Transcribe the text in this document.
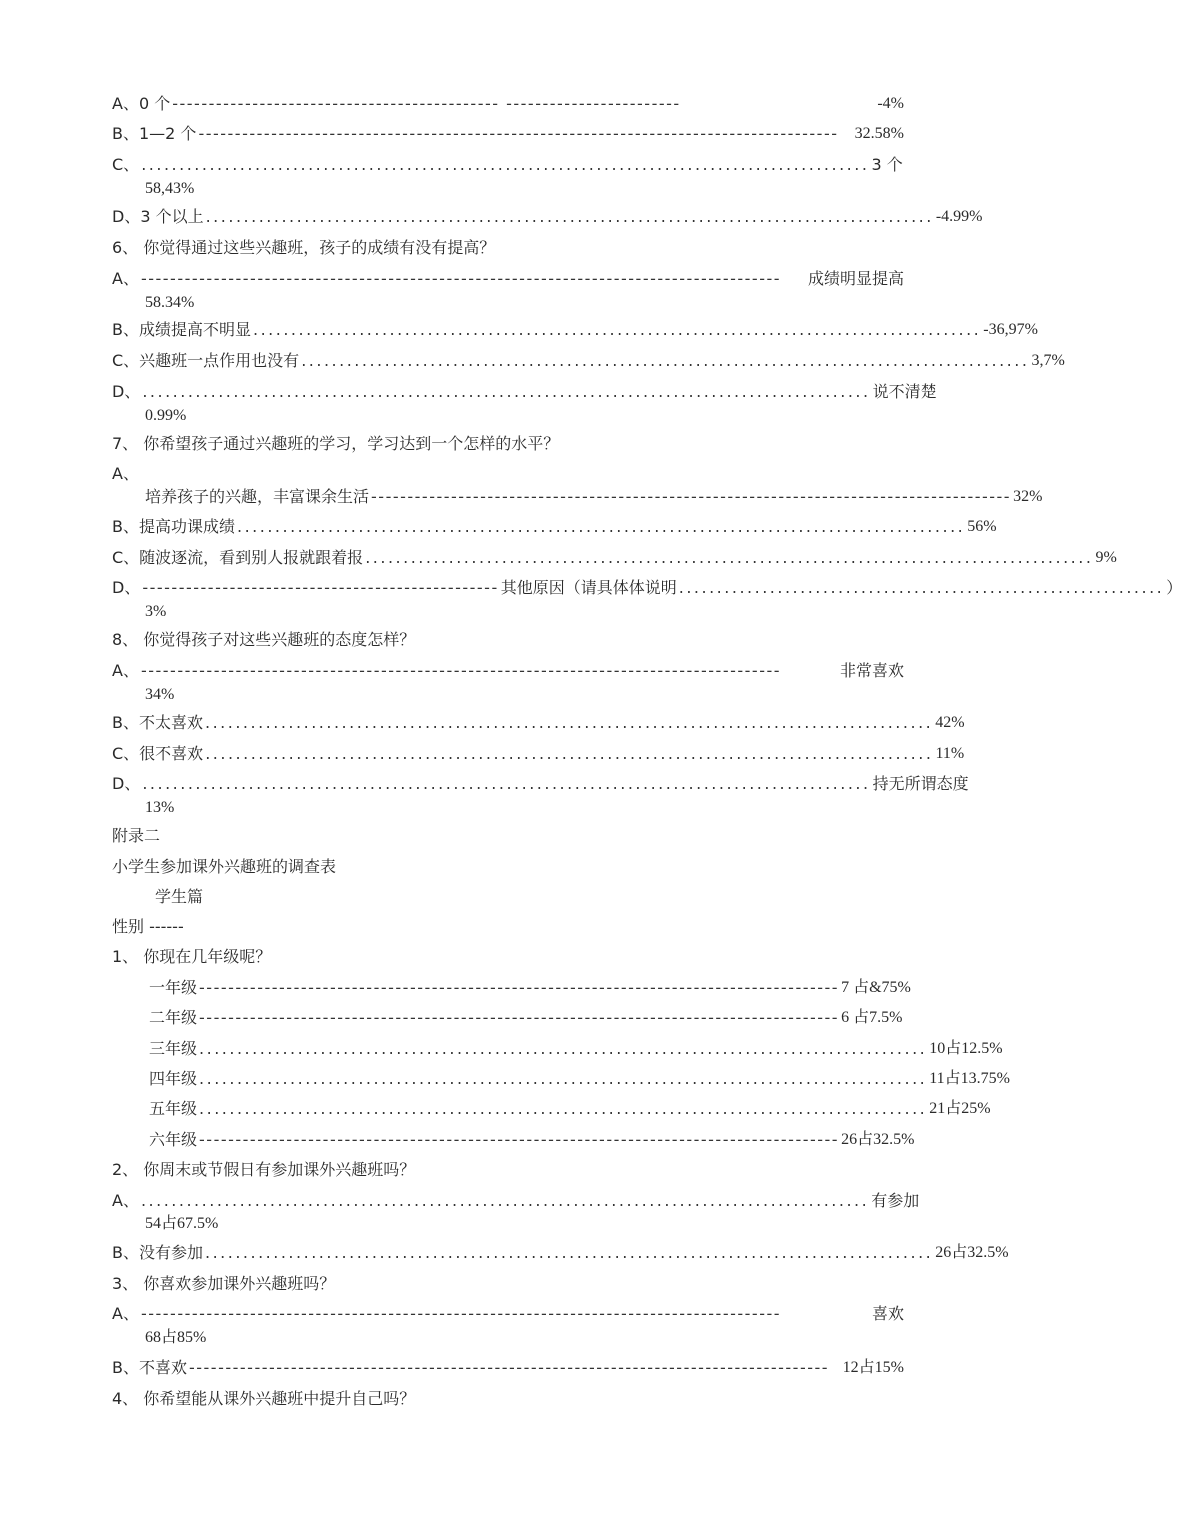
A、0 个 --------------------------------------------- ------------------------	-4%
B、1—2 个 ----------------------------------------------------------------------------------------	32.58%
C、 ................................................................................................ 3 个
58,43%
D、3 个以上 ................................................................................................ -4.99%
6、 你觉得通过这些兴趣班，孩子的成绩有没有提高？
A、 ----------------------------------------------------------------------------------------	成绩明显提高
58.34%
B、成绩提高不明显 ................................................................................................ -36,97%
C、兴趣班一点作用也没有 ................................................................................................ 3,7%
D、 ................................................................................................ 说不清楚
0.99%
7、 你希望孩子通过兴趣班的学习，学习达到一个怎样的水平？
A、
培养孩子的兴趣，丰富课余生活 ---------------------------------------------------------------------------------------- 32%
B、提高功课成绩 ................................................................................................ 56%
C、随波逐流，看到别人报就跟着报 ................................................................................................ 9%
D、 ------------------------------------------------- 其他原因（请具体体说明 ................................................................ ）
3%
8、 你觉得孩子对这些兴趣班的态度怎样？
A、 ----------------------------------------------------------------------------------------	非常喜欢
34%
B、不太喜欢 ................................................................................................ 42%
C、很不喜欢 ................................................................................................ 11%
D、 ................................................................................................ 持无所谓态度
13%
附录二
小学生参加课外兴趣班的调查表
学生篇
性别 ------
1、 你现在几年级呢？
一年级 ---------------------------------------------------------------------------------------- 7 占&75%
二年级 ---------------------------------------------------------------------------------------- 6 占7.5%
三年级 ................................................................................................ 10占12.5%
四年级 ................................................................................................ 11占13.75%
五年级 ................................................................................................ 21占25%
六年级 ---------------------------------------------------------------------------------------- 26占32.5%
2、 你周末或节假日有参加课外兴趣班吗？
A、 ................................................................................................ 有参加
54占67.5%
B、没有参加 ................................................................................................ 26占32.5%
3、 你喜欢参加课外兴趣班吗？
A、 ----------------------------------------------------------------------------------------	喜欢
68占85%
B、不喜欢 ---------------------------------------------------------------------------------------- 12占15%
4、 你希望能从课外兴趣班中提升自己吗？
